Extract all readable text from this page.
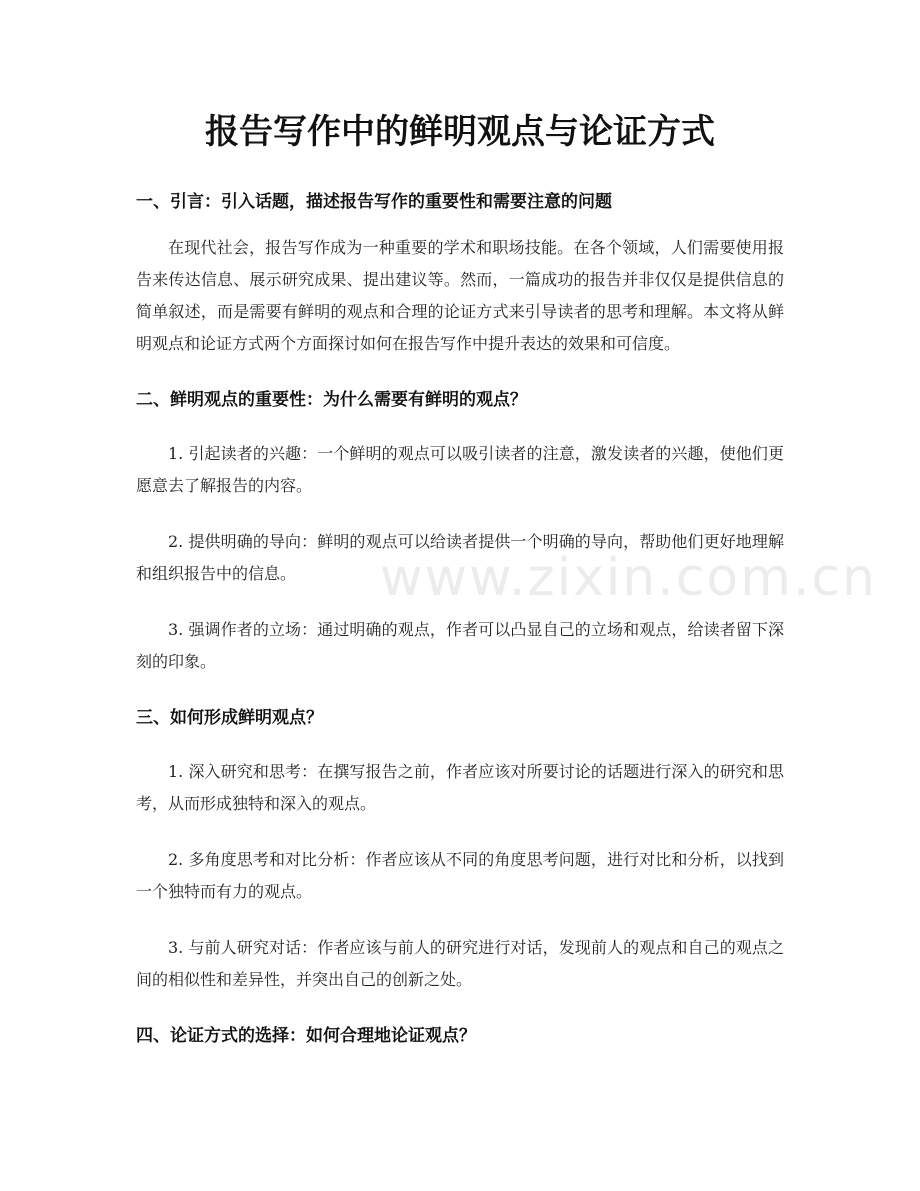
www.zixin.com.cn
报告写作中的鲜明观点与论证方式
一、引言：引入话题，描述报告写作的重要性和需要注意的问题

在现代社会，报告写作成为一种重要的学术和职场技能。在各个领域，人们需要使用报告来传达信息、展示研究成果、提出建议等。然而，一篇成功的报告并非仅仅是提供信息的简单叙述，而是需要有鲜明的观点和合理的论证方式来引导读者的思考和理解。本文将从鲜明观点和论证方式两个方面探讨如何在报告写作中提升表达的效果和可信度。

二、鲜明观点的重要性：为什么需要有鲜明的观点？

1. 引起读者的兴趣：一个鲜明的观点可以吸引读者的注意，激发读者的兴趣，使他们更愿意去了解报告的内容。

2. 提供明确的导向：鲜明的观点可以给读者提供一个明确的导向，帮助他们更好地理解和组织报告中的信息。

3. 强调作者的立场：通过明确的观点，作者可以凸显自己的立场和观点，给读者留下深刻的印象。

三、如何形成鲜明观点？

1. 深入研究和思考：在撰写报告之前，作者应该对所要讨论的话题进行深入的研究和思考，从而形成独特和深入的观点。

2. 多角度思考和对比分析：作者应该从不同的角度思考问题，进行对比和分析，以找到一个独特而有力的观点。

3. 与前人研究对话：作者应该与前人的研究进行对话，发现前人的观点和自己的观点之间的相似性和差异性，并突出自己的创新之处。

四、论证方式的选择：如何合理地论证观点？
